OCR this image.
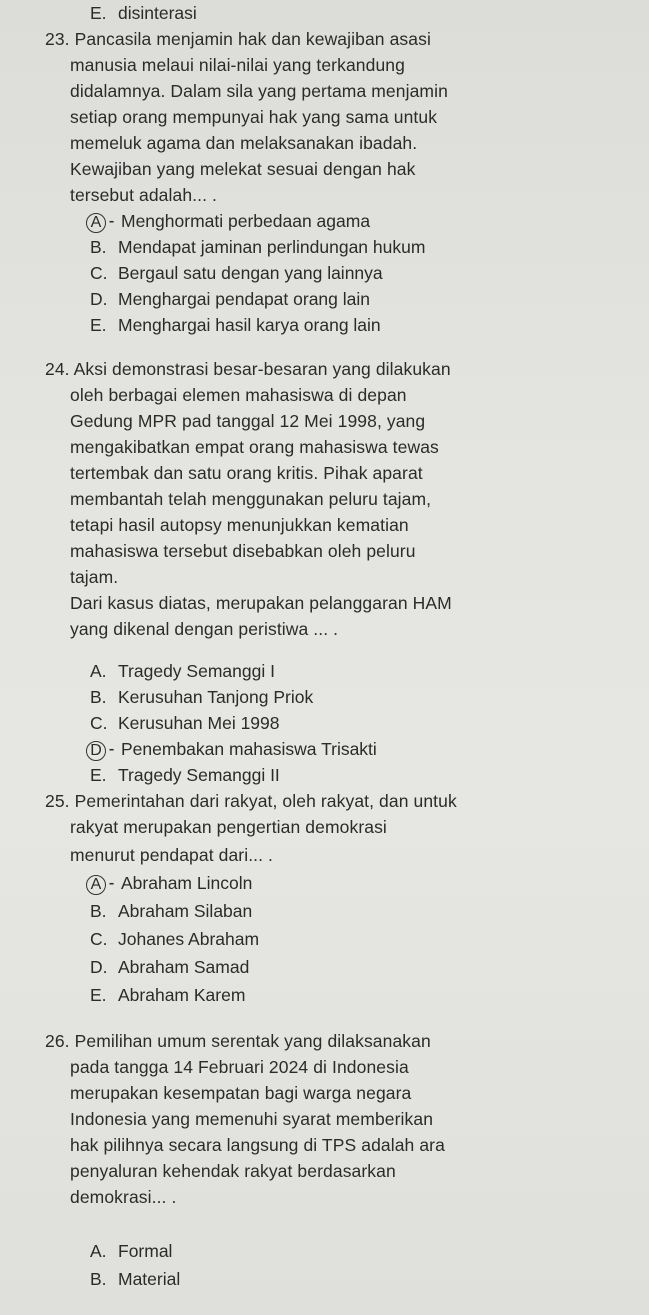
E. disinterasi
23. Pancasila menjamin hak dan kewajiban asasi
manusia melaui nilai-nilai yang terkandung
didalamnya. Dalam sila yang pertama menjamin
setiap orang mempunyai hak yang sama untuk
memeluk agama dan melaksanakan ibadah.
Kewajiban yang melekat sesuai dengan hak
tersebut adalah... .
A ⁃ Menghormati perbedaan agama
B. Mendapat jaminan perlindungan hukum
C. Bergaul satu dengan yang lainnya
D. Menghargai pendapat orang lain
E. Menghargai hasil karya orang lain
24. Aksi demonstrasi besar-besaran yang dilakukan
oleh berbagai elemen mahasiswa di depan
Gedung MPR pad tanggal 12 Mei 1998, yang
mengakibatkan empat orang mahasiswa tewas
tertembak dan satu orang kritis. Pihak aparat
membantah telah menggunakan peluru tajam,
tetapi hasil autopsy menunjukkan kematian
mahasiswa tersebut disebabkan oleh peluru
tajam.
Dari kasus diatas, merupakan pelanggaran HAM
yang dikenal dengan peristiwa ... .
A. Tragedy Semanggi I
B. Kerusuhan Tanjong Priok
C. Kerusuhan Mei 1998
D ⁃ Penembakan mahasiswa Trisakti
E. Tragedy Semanggi II
25. Pemerintahan dari rakyat, oleh rakyat, dan untuk
rakyat merupakan pengertian demokrasi
menurut pendapat dari... .
A ⁃ Abraham Lincoln
B. Abraham Silaban
C. Johanes Abraham
D. Abraham Samad
E. Abraham Karem
26. Pemilihan umum serentak yang dilaksanakan
pada tangga 14 Februari 2024 di Indonesia
merupakan kesempatan bagi warga negara
Indonesia yang memenuhi syarat memberikan
hak pilihnya secara langsung di TPS adalah ara
penyaluran kehendak rakyat berdasarkan
demokrasi... .
A. Formal
B. Material
